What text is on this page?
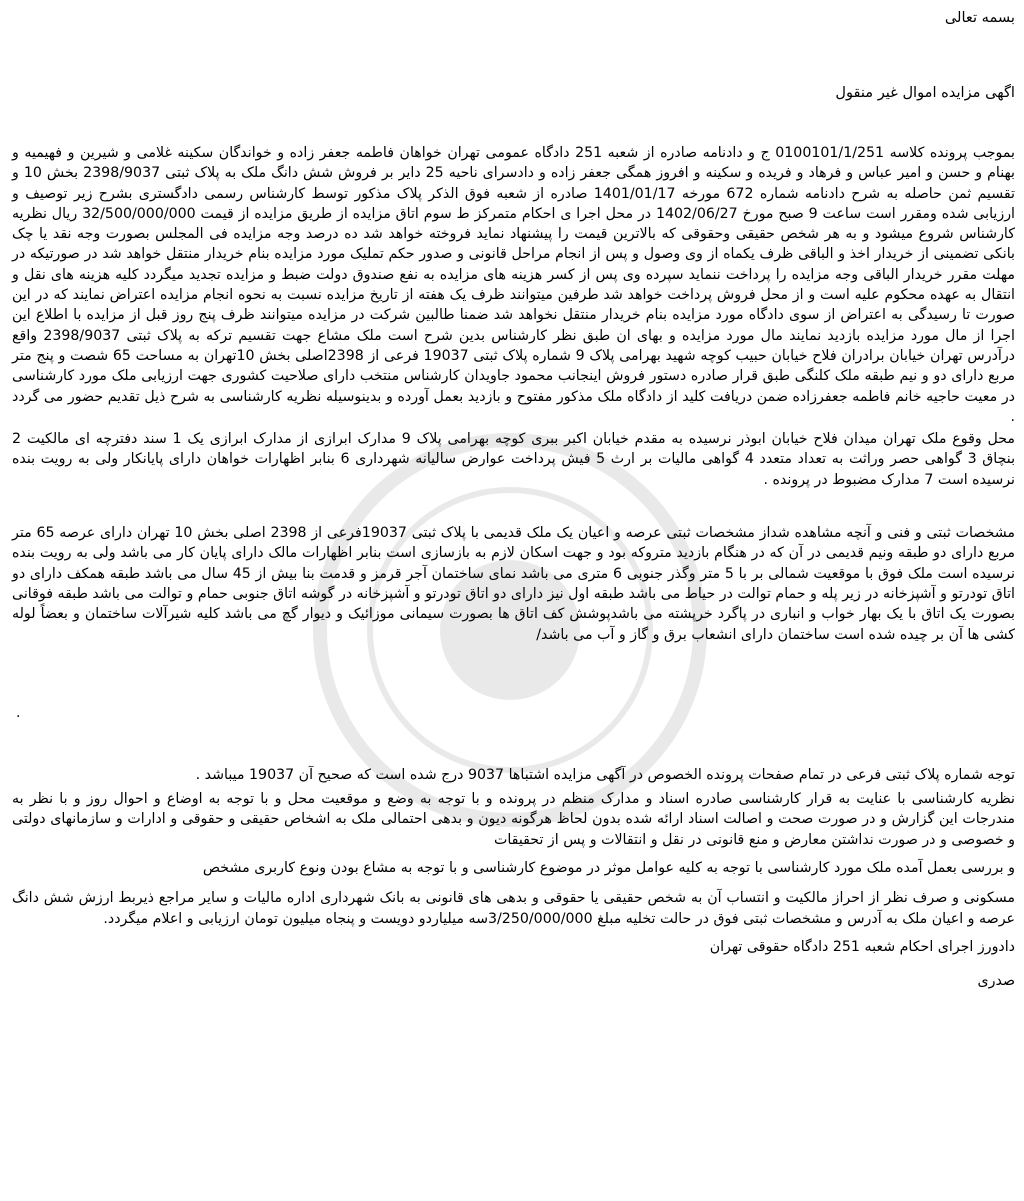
بسمه تعالی

اگهی مزایده اموال غیر منقول

بموجب پرونده کلاسه 0100101/1/251 ج و دادنامه صادره از شعبه 251 دادگاه عمومی تهران خواهان فاطمه جعفر زاده و خواندگان سکینه غلامی و شیرین و فهیمیه و بهنام و حسن و امیر عباس و فرهاد و فریده و سکینه و افروز همگی جعفر زاده و دادسرای ناحیه 25 دایر بر فروش شش دانگ ملک به پلاک ثبتی 2398/9037 بخش 10 و تقسیم ثمن حاصله به شرح دادنامه شماره 672 مورخه 1401/01/17 صادره از شعبه فوق الذکر پلاک مذکور توسط کارشناس رسمی دادگستری بشرح زیر توصیف و ارزیابی شده ومقرر است ساعت 9 صبح مورخ 1402/06/27 در محل اجرا ی احکام متمرکز ط سوم اتاق مزایده از طریق مزایده از قیمت 32/500/000/000 ریال نظریه کارشناس شروع میشود و به هر شخص حقیقی وحقوقی که بالاترین قیمت را پیشنهاد نماید فروخته خواهد شد ده درصد وجه مزایده فی المجلس بصورت وجه نقد یا چک بانکی تضمینی از خریدار اخذ و الباقی ظرف یکماه از وی وصول و پس از انجام مراحل قانونی و صدور حکم تملیک مورد مزایده بنام خریدار منتقل خواهد شد در صورتیکه در مهلت مقرر خریدار الباقی وجه مزایده را پرداخت ننماید سپرده وی پس از کسر هزینه های مزایده به نفع صندوق دولت ضبط و مزایده تجدید میگردد کلیه هزینه های نقل و انتقال به عهده محکوم علیه است و از محل فروش پرداخت خواهد شد طرفین میتوانند ظرف یک هفته از تاریخ مزایده نسبت به نحوه انجام مزایده اعتراض نمایند که در این صورت تا رسیدگی به اعتراض از سوی دادگاه مورد مزایده بنام خریدار منتقل نخواهد شد ضمنا طالبین شرکت در مزایده میتوانند ظرف پنج روز قبل از مزایده با اطلاع این اجرا از مال مورد مزایده بازدید نمایند مال مورد مزایده و بهای ان طبق نظر کارشناس بدین شرح است ملک مشاع جهت تقسیم ترکه به پلاک ثبتی 2398/9037 واقع درآدرس تهران خیابان برادران فلاح خیابان حبیب کوچه شهید بهرامی پلاک 9 شماره پلاک ثبتی 19037 فرعی از 2398اصلی بخش 10تهران به مساحت 65 شصت و پنج متر مربع دارای دو و نیم طبقه ملک کلنگی طبق قرار صادره دستور فروش اینجانب محمود جاویدان کارشناس منتخب دارای صلاحیت کشوری جهت ارزیابی ملک مورد کارشناسی در معیت حاجیه خانم فاطمه جعفرزاده ضمن دریافت کلید از دادگاه ملک مذکور مفتوح و بازدید بعمل آورده و بدینوسیله نظریه کارشناسی به شرح ذیل تقدیم حضور می گردد .

محل وقوع ملک تهران میدان فلاح خیابان ابوذر نرسیده به مقدم خیابان اکبر ببری کوچه بهرامی پلاک 9 مدارک ابرازی از مدارک ابرازی یک 1 سند دفترچه ای مالکیت 2 بنچاق 3 گواهی حصر وراثت به تعداد متعدد 4 گواهی مالیات بر ارث 5 فیش پرداخت عوارض سالیانه شهرداری 6 بنابر اظهارات خواهان دارای پایانکار ولی به رویت بنده نرسیده است 7 مدارک مضبوط در پرونده .

مشخصات ثبتی و فنی و آنچه مشاهده شداز مشخصات ثبتی عرصه و اعیان یک ملک قدیمی با پلاک ثبتی 19037فرعی از 2398 اصلی بخش 10 تهران دارای عرصه 65 متر مربع دارای دو طبقه ونیم قدیمی در آن که در هنگام بازدید متروکه بود و جهت اسکان لازم به بازسازی است بنابر اظهارات مالک دارای پایان کار می باشد ولی به رویت بنده نرسیده است ملک فوق با موقعیت شمالی بر با 5 متر وگذر جنوبی 6 متری می باشد نمای ساختمان آجر قرمز و قدمت بنا بیش از 45 سال می باشد طبقه همکف دارای دو اتاق تودرتو و آشپزخانه در زیر پله و حمام توالت در حیاط می باشد طبقه اول نیز دارای دو اتاق تودرتو و آشپزخانه در گوشه اتاق جنوبی حمام و توالت می باشد طبقه فوقانی بصورت یک اتاق با یک بهار خواب و انباری در پاگرد خرپشته می باشدپوشش کف اتاق ها بصورت سیمانی موزائیک و دیوار گچ می باشد کلیه شیرآلات ساختمان و بعضاً لوله کشی ها آن بر چیده شده است ساختمان دارای انشعاب برق و گاز و آب می باشد/

.

توجه شماره پلاک ثبتی فرعی در تمام صفحات پرونده الخصوص در آگهی مزایده اشتباها 9037 درج شده است که صحیح آن 19037 میباشد .

نظریه کارشناسی با عنایت به قرار کارشناسی صادره اسناد و مدارک منظم در پرونده و با توجه به وضع و موقعیت محل و با توجه به اوضاع و احوال روز و با نظر به مندرجات این گزارش و در صورت صحت و اصالت اسناد ارائه شده بدون لحاظ هرگونه دیون و بدهی احتمالی ملک به اشخاص حقیقی و حقوقی و ادارات و سازمانهای دولتی و خصوصی و در صورت نداشتن معارض و منع قانونی در نقل و انتقالات و پس از تحقیقات

و بررسی بعمل آمده ملک مورد کارشناسی با توجه به کلیه عوامل موثر در موضوع کارشناسی و با توجه به مشاع بودن ونوع کاربری مشخص

مسکونی و صرف نظر از احراز مالکیت و انتساب آن به شخص حقیقی یا حقوقی و بدهی های قانونی به بانک شهرداری اداره مالیات و سایر مراجع ذیربط ارزش شش دانگ عرصه و اعیان ملک به آدرس و مشخصات ثبتی فوق در حالت تخلیه مبلغ 3/250/000/000سه میلیاردو دویست و پنجاه میلیون تومان ارزیابی و اعلام میگردد.

دادورز اجرای احکام شعبه 251 دادگاه حقوقی تهران

صدری
